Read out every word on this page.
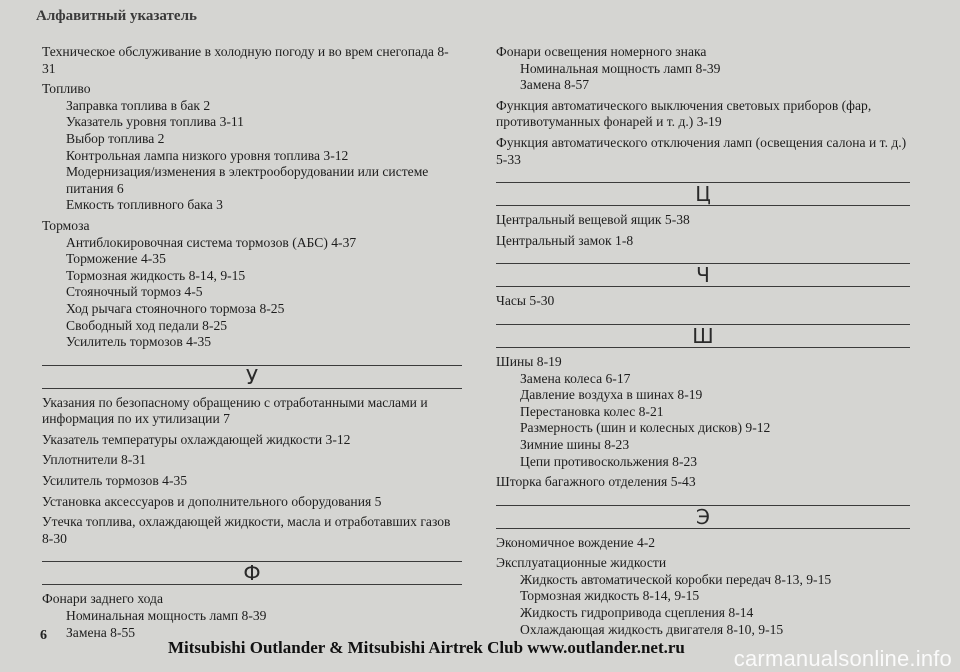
Алфавитный указатель

Техническое обслуживание в холодную погоду и во врем снегопада 8-31

Топливо

Заправка топлива в бак 2

Указатель уровня топлива 3-11

Выбор топлива 2

Контрольная лампа низкого уровня топлива 3-12

Модернизация/изменения в электрооборудовании или системе питания 6

Емкость топливного бака 3

Тормоза

Антиблокировочная система тормозов (АБС) 4-37

Торможение 4-35

Тормозная жидкость 8-14, 9-15

Стояночный тормоз 4-5

Ход рычага стояночного тормоза 8-25

Свободный ход педали 8-25

Усилитель тормозов 4-35

У

Указания по безопасному обращению с отработанными маслами и информация по их утилизации 7

Указатель температуры охлаждающей жидкости 3-12

Уплотнители 8-31

Усилитель тормозов 4-35

Установка аксессуаров и дополнительного оборудования 5

Утечка топлива, охлаждающей жидкости, масла и отработавших газов 8-30

Ф

Фонари заднего хода

Номинальная мощность ламп 8-39

Замена 8-55

Фонари освещения номерного знака

Номинальная мощность ламп 8-39

Замена 8-57

Функция автоматического выключения световых приборов (фар, противотуманных фонарей и т. д.) 3-19

Функция автоматического отключения ламп (освещения салона и т. д.) 5-33

Ц

Центральный вещевой ящик 5-38

Центральный замок 1-8

Ч

Часы 5-30

Ш

Шины 8-19

Замена колеса 6-17

Давление воздуха в шинах 8-19

Перестановка колес 8-21

Размерность (шин и колесных дисков) 9-12

Зимние шины 8-23

Цепи противоскольжения 8-23

Шторка багажного отделения 5-43

Э

Экономичное вождение 4-2

Эксплуатационные жидкости

Жидкость автоматической коробки передач 8-13, 9-15

Тормозная жидкость 8-14, 9-15

Жидкость гидропривода сцепления 8-14

Охлаждающая жидкость двигателя 8-10, 9-15

6
Mitsubishi Outlander & Mitsubishi Airtrek Club www.outlander.net.ru carmanualsonline.info
